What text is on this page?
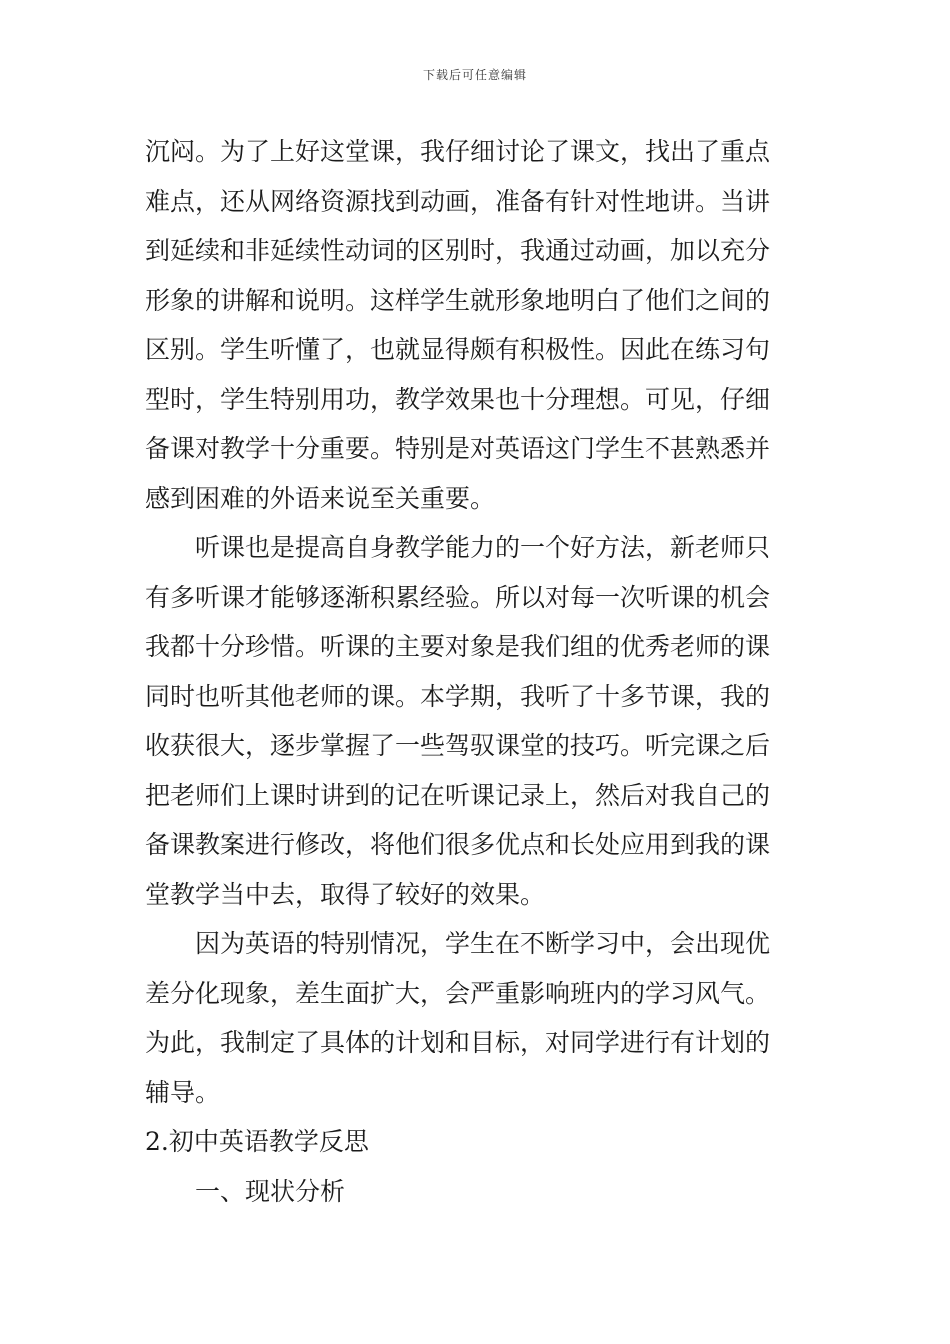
下载后可任意编辑
沉闷。为了上好这堂课，我仔细讨论了课文，找出了重点
难点，还从网络资源找到动画，准备有针对性地讲。当讲
到延续和非延续性动词的区别时，我通过动画，加以充分
形象的讲解和说明。这样学生就形象地明白了他们之间的
区别。学生听懂了，也就显得颇有积极性。因此在练习句
型时，学生特别用功，教学效果也十分理想。可见，仔细
备课对教学十分重要。特别是对英语这门学生不甚熟悉并
感到困难的外语来说至关重要。
听课也是提高自身教学能力的一个好方法，新老师只
有多听课才能够逐渐积累经验。所以对每一次听课的机会
我都十分珍惜。听课的主要对象是我们组的优秀老师的课
同时也听其他老师的课。本学期，我听了十多节课，我的
收获很大，逐步掌握了一些驾驭课堂的技巧。听完课之后
把老师们上课时讲到的记在听课记录上，然后对我自己的
备课教案进行修改，将他们很多优点和长处应用到我的课
堂教学当中去，取得了较好的效果。
因为英语的特别情况，学生在不断学习中，会出现优
差分化现象，差生面扩大，会严重影响班内的学习风气。
为此，我制定了具体的计划和目标，对同学进行有计划的
辅导。
2.初中英语教学反思
一、现状分析
